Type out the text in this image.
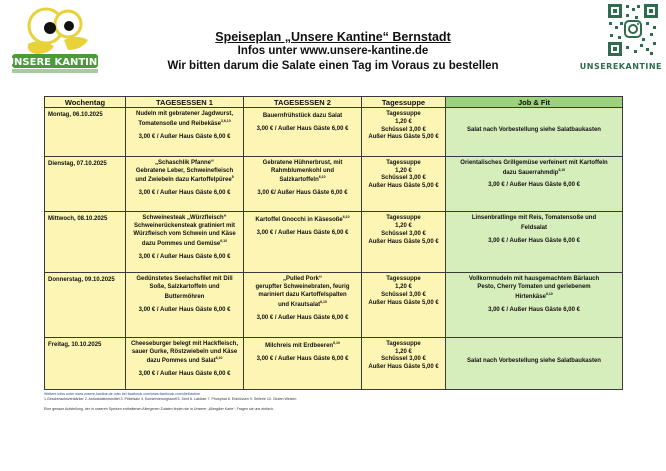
UNSERE KANTINE	UNSEREKANTINE
Speiseplan „Unsere Kantine“ Bernstadt
Infos unter www.unsere-kantine.de
Wir bitten darum die Salate einen Tag im Voraus zu bestellen
Wochentag	TAGESESSEN 1	TAGESESSEN 2	Tagessuppe	Job & Fit
Montag, 06.10.2025	Nudeln mit gebratener Jagdwurst,
Tomatensoße und Reibekäse$^{3,6,10}$
3,00 € / Außer Haus Gäste 6,00 €	Bauernfrühstück dazu Salat
3,00 € / Außer Haus Gäste 6,00 €	Tagessuppe
1,20 €
Schüssel 3,00 €
Außer Haus Gäste 5,00 €	Salat nach Vorbestellung siehe Salatbaukasten

Dienstag, 07.10.2025	„Schaschlik Pfanne“
Gebratene Leber, Schweinefleisch
und Zwiebeln dazu Kartoffelpüree$^8$
3,00 € / Außer Haus Gäste 6,00 €	Gebratene Hühnerbrust, mit
Rahmblumenkohl und
Salzkartoffeln$^{6,10}$
3,00 €/ Außer Haus Gäste 6,00 €	Tagessuppe
1,20 €
Schüssel 3,00 €
Außer Haus Gäste 5,00 €	Orientalisches Grillgemüse verfeinert mit Kartoffeln
dazu Sauerrahmdip$^{6,10}$
3,00 € / Außer Haus Gäste 6,00 €

Mittwoch, 08.10.2025	Schweinesteak „Würzfleisch“
Schweinerückensteak gratiniert mit
Würzfleisch vom Schwein und Käse
dazu Pommes und Gemüse$^{6,10}$
3,00 € / Außer Haus Gäste 6,00 €	Kartoffel Gnocchi in Käsesoße$^{6,10}$
3,00 € / Außer Haus Gäste 6,00 €	Tagessuppe
1,20 €
Schüssel 3,00 €
Außer Haus Gäste 5,00 €	Linsenbratlinge mit Reis, Tomatensoße und
Feldsalat
3,00 € / Außer Haus Gäste 6,00 €

Donnerstag, 09.10.2025	Gedünstetes Seelachsfilet mit Dill
Soße, Salzkartoffeln und
Buttermöhren
3,00 € / Außer Haus Gäste 6,00 €	„Pulled Pork“
gerupfter Schweinebraten, feurig
mariniert dazu Kartoffelspalten
und Krautsalat$^{6,10}$
3,00 € / Außer Haus Gäste 6,00 €	Tagessuppe
1,20 €
Schüssel 3,00 €
Außer Haus Gäste 5,00 €	Vollkornnudeln mit hausgemachtem Bärlauch
Pesto, Cherry Tomaten und geriebenem
Hirtenkäse$^{6,10}$
3,00 € / Außer Haus Gäste 6,00 €

Freitag, 10.10.2025	Cheeseburger belegt mit Hackfleisch,
sauer Gurke, Röstzwiebeln und Käse
dazu Pommes und Salat$^{6,10}$
3,00 € / Außer Haus Gäste 6,00 €	Milchreis mit Erdbeeren$^{6,10}$
3,00 € / Außer Haus Gäste 6,00 €	Tagessuppe
1,20 €
Schüssel 3,00 €
Außer Haus Gäste 5,00 €	Salat nach Vorbestellung siehe Salatbaukasten
Weitere Infos unter www.unsere-kantine.de oder bei facebook.com/www.facebook.com/dieKantine
1.Geschmacksverstärker 2. Antioxidationsmittel 3. Pökelsalz 4. Konservierungsstoff 5. Senf 6. Laktose 7. Phosphat 8. Erdnüssen 9. Sellerie 10. Gluten Weizen
Eine genaue Aufstellung, der in unseren Speisen enthaltenen Allergenen Zutaten finden sie in Unserer „Allergiker Karte“. Fragen sie uns einfach.
